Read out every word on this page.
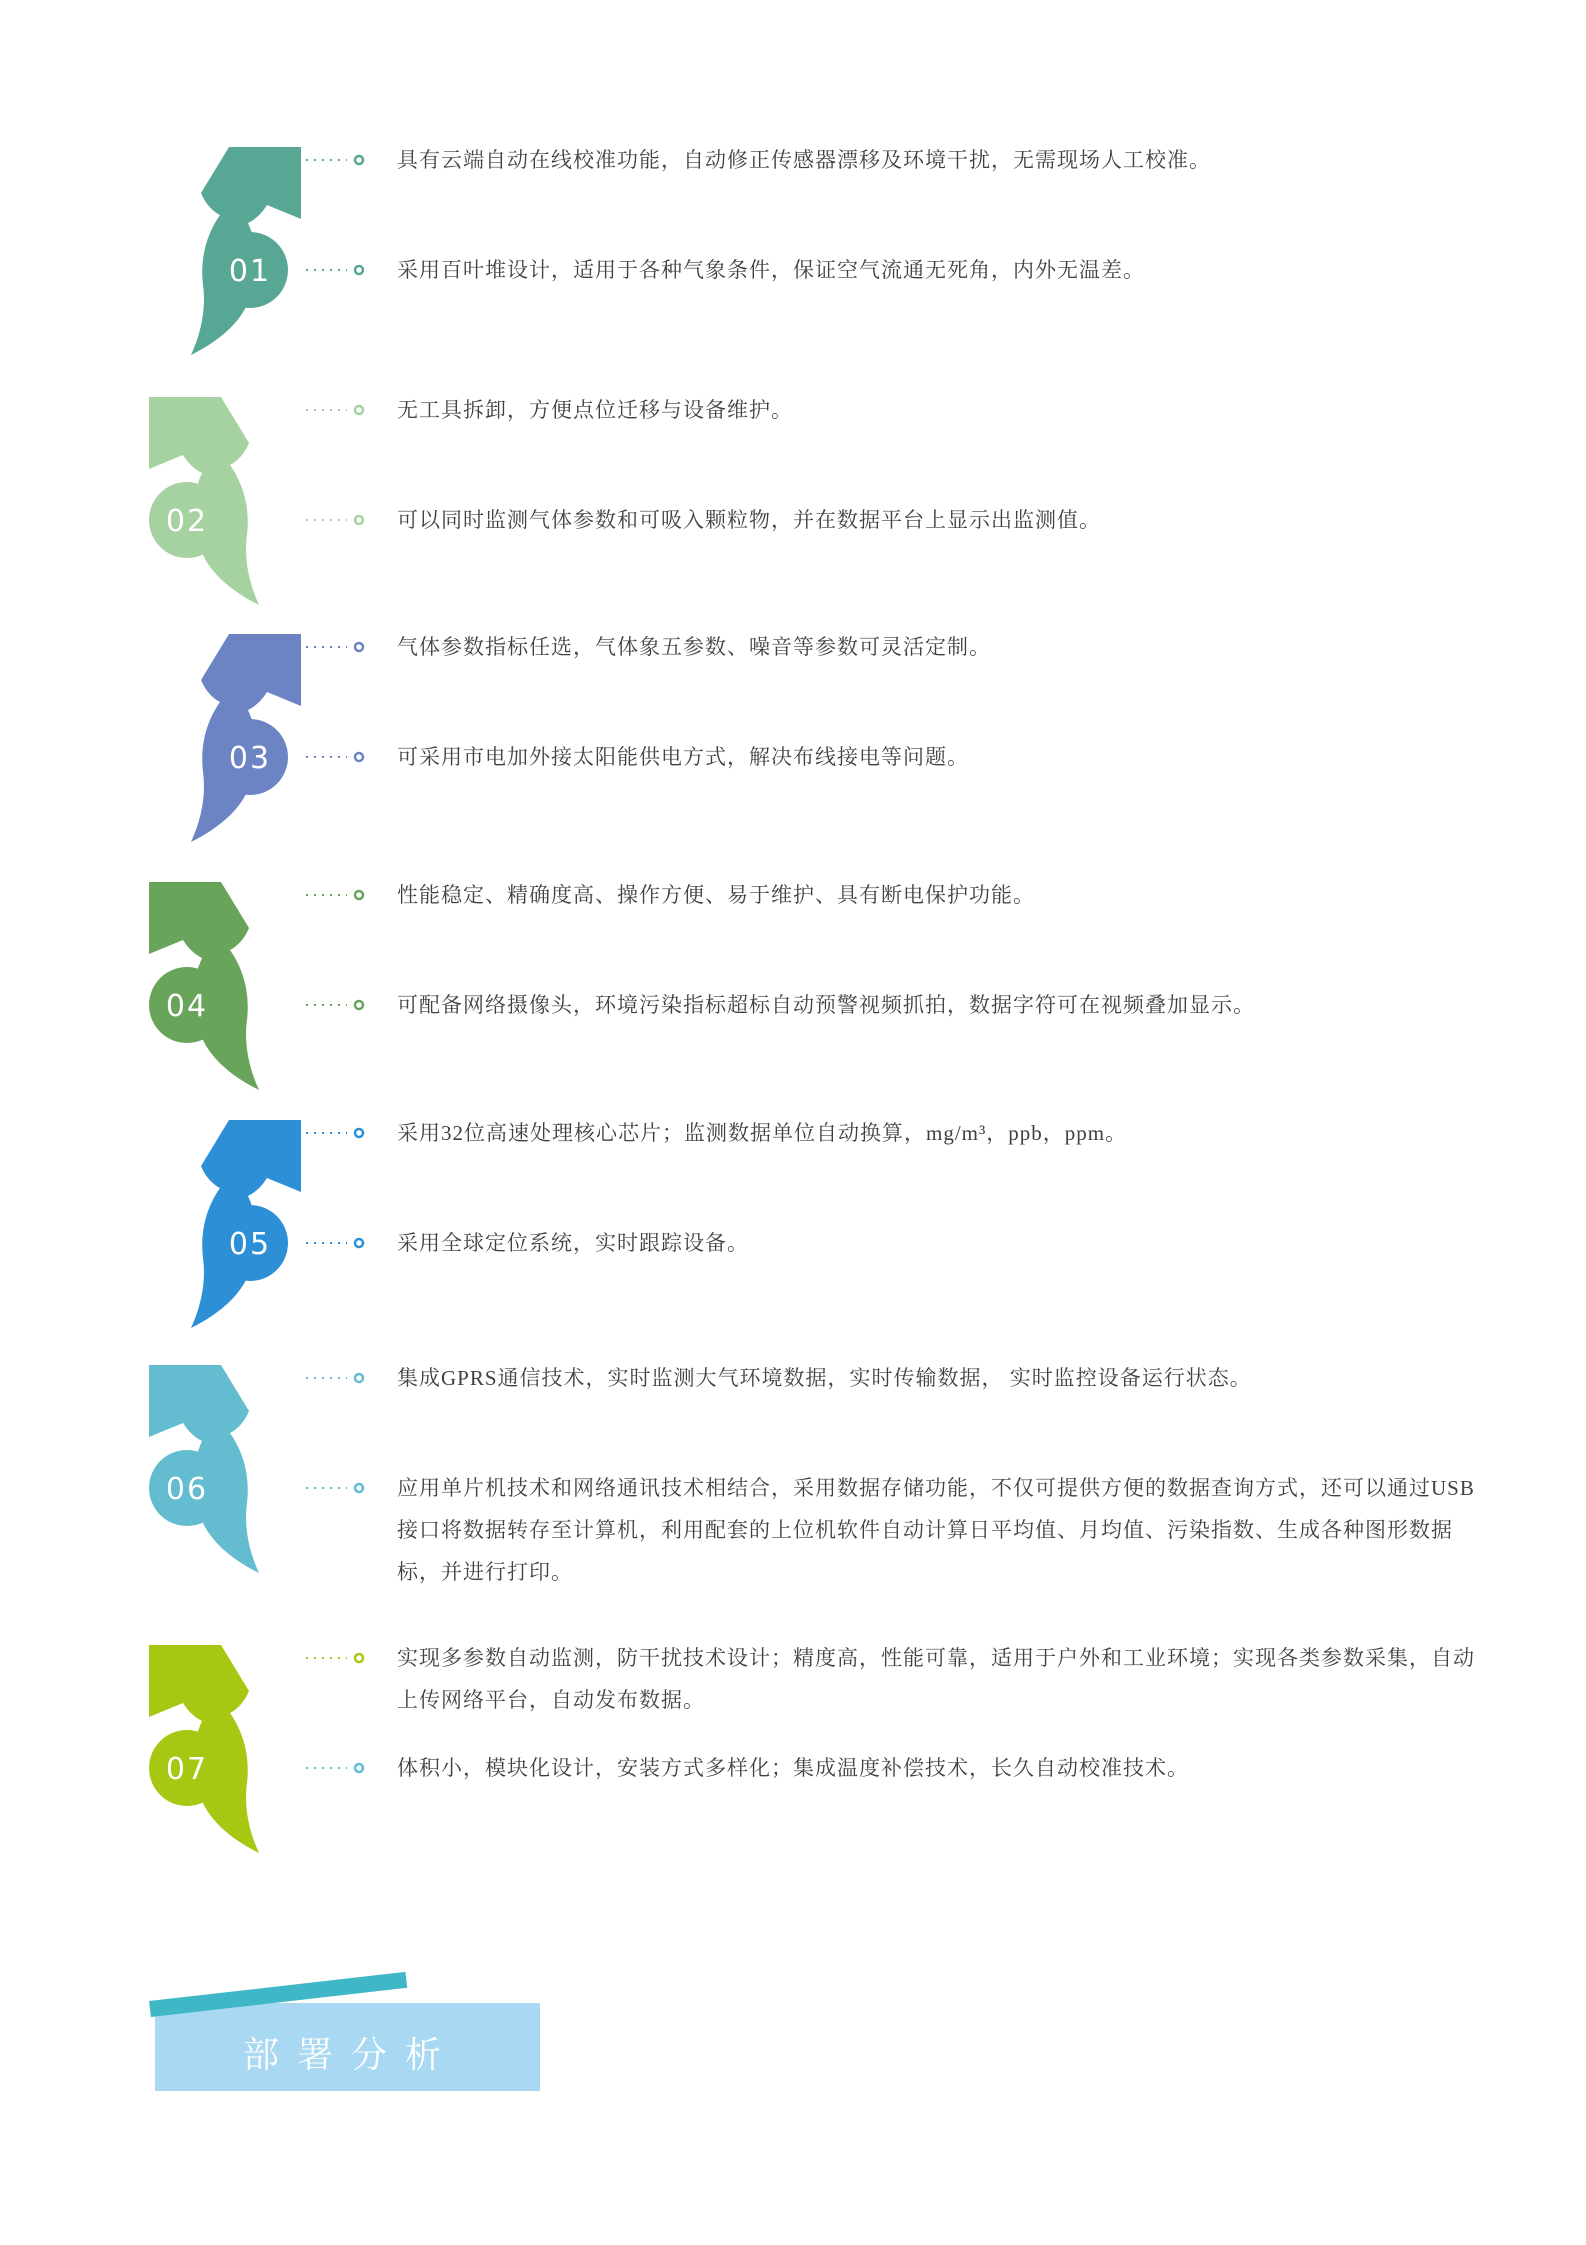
01

具有云端自动在线校准功能，自动修正传感器漂移及环境干扰，无需现场人工校准。

采用百叶堆设计，适用于各种气象条件，保证空气流通无死角，内外无温差。

02

无工具拆卸，方便点位迁移与设备维护。

可以同时监测气体参数和可吸入颗粒物，并在数据平台上显示出监测值。

03

气体参数指标任选，气体象五参数、噪音等参数可灵活定制。

可采用市电加外接太阳能供电方式，解决布线接电等问题。

04

性能稳定、精确度高、操作方便、易于维护、具有断电保护功能。

可配备网络摄像头，环境污染指标超标自动预警视频抓拍，数据字符可在视频叠加显示。

05

采用32位高速处理核心芯片；监测数据单位自动换算，mg/m³，ppb，ppm。

采用全球定位系统，实时跟踪设备。

06

集成GPRS通信技术，实时监测大气环境数据，实时传输数据， 实时监控设备运行状态。

应用单片机技术和网络通讯技术相结合，采用数据存储功能，不仅可提供方便的数据查询方式，还可以通过USB接口将数据转存至计算机，利用配套的上位机软件自动计算日平均值、月均值、污染指数、生成各种图形数据标，并进行打印。

07

实现多参数自动监测，防干扰技术设计；精度高，性能可靠，适用于户外和工业环境；实现各类参数采集，自动上传网络平台，自动发布数据。

体积小，模块化设计，安装方式多样化；集成温度补偿技术，长久自动校准技术。

部署分析
